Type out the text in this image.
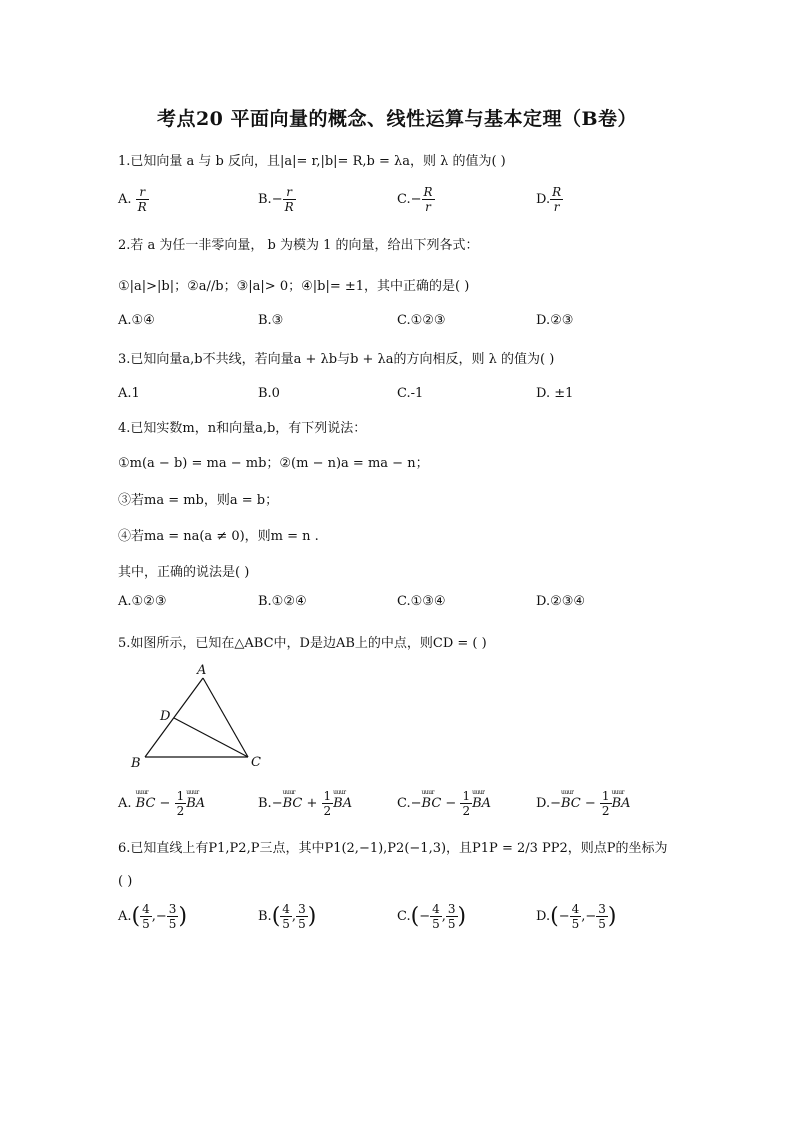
考点20 平面向量的概念、线性运算与基本定理（B卷）
1.已知向量 a 与 b 反向，且|a|= r,|b|= R,b = λa，则 λ 的值为( )
A. $\frac{r}{R}$	$B.- \frac{r}{R}$	$C.- \frac{R}{r}$	D. $\frac{R}{r}$
2.若 a 为任一非零向量， b 为模为 1 的向量，给出下列各式：
①|a|>|b|；②a//b；③|a|> 0；④|b|= ±1，其中正确的是( )
A.①④	B.③	C.①②③	D.②③
3.已知向量a,b不共线，若向量a + λb与b + λa的方向相反，则 λ 的值为( )
A.1	B.0	C.-1	D. ±1
4.已知实数m，n和向量a,b，有下列说法：
①m(a − b) = ma − mb；②(m − n)a = ma − n；
③若ma = mb，则a = b；
④若ma = na(a ≠ 0)，则m = n .
其中，正确的说法是( )
A.①②③	B.①②④	C.①③④	D.②③④
5.如图所示，已知在△ABC中，D是边AB上的中点，则CD = ( )
A
D
B	C
A. uuur BC − $\frac{1}{2}$ uuur BA	B.−uuur BC + $\frac{1}{2}$ uuur BA	C.−uuur BC − $\frac{1}{2}$ uuur BA	D.−uuur BC − $\frac{1}{2}$ uuur BA
6.已知直线上有P1,P2,P三点，其中P1(2,−1),P2(−1,3)，且P1P = 2/3 PP2，则点P的坐标为
( )
$A.( \frac{4}{5}$ ,− $\frac{3}{5}$ )	$B.( \frac{4}{5}$ , $\frac{3}{5}$ )	$C.(- \frac{4}{5}$ , $\frac{3}{5}$ )	$D.(- \frac{4}{5}$ ,− $\frac{3}{5}$ )
